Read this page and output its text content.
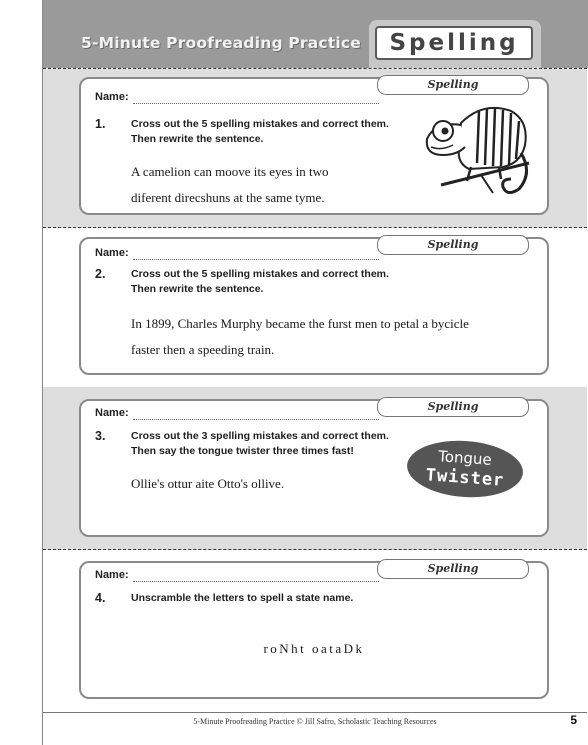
5-Minute Proofreading Practice	Spelling
Spelling
Name:
1. Cross out the 5 spelling mistakes and correct them.
Then rewrite the sentence.
A camelion can moove its eyes in two
diferent direcshuns at the same tyme.
Spelling
Name:
2. Cross out the 5 spelling mistakes and correct them.
Then rewrite the sentence.
In 1899, Charles Murphy became the furst men to petal a bycicle
faster then a speeding train.
Spelling
Name:
3. Cross out the 3 spelling mistakes and correct them.
Then say the tongue twister three times fast!
Ollie's ottur aite Otto's ollive.
Tongue
Twister
Spelling
Name:
4. Unscramble the letters to spell a state name.
roNht oataDk
5-Minute Proofreading Practice © Jill Safro, Scholastic Teaching Resources	5
